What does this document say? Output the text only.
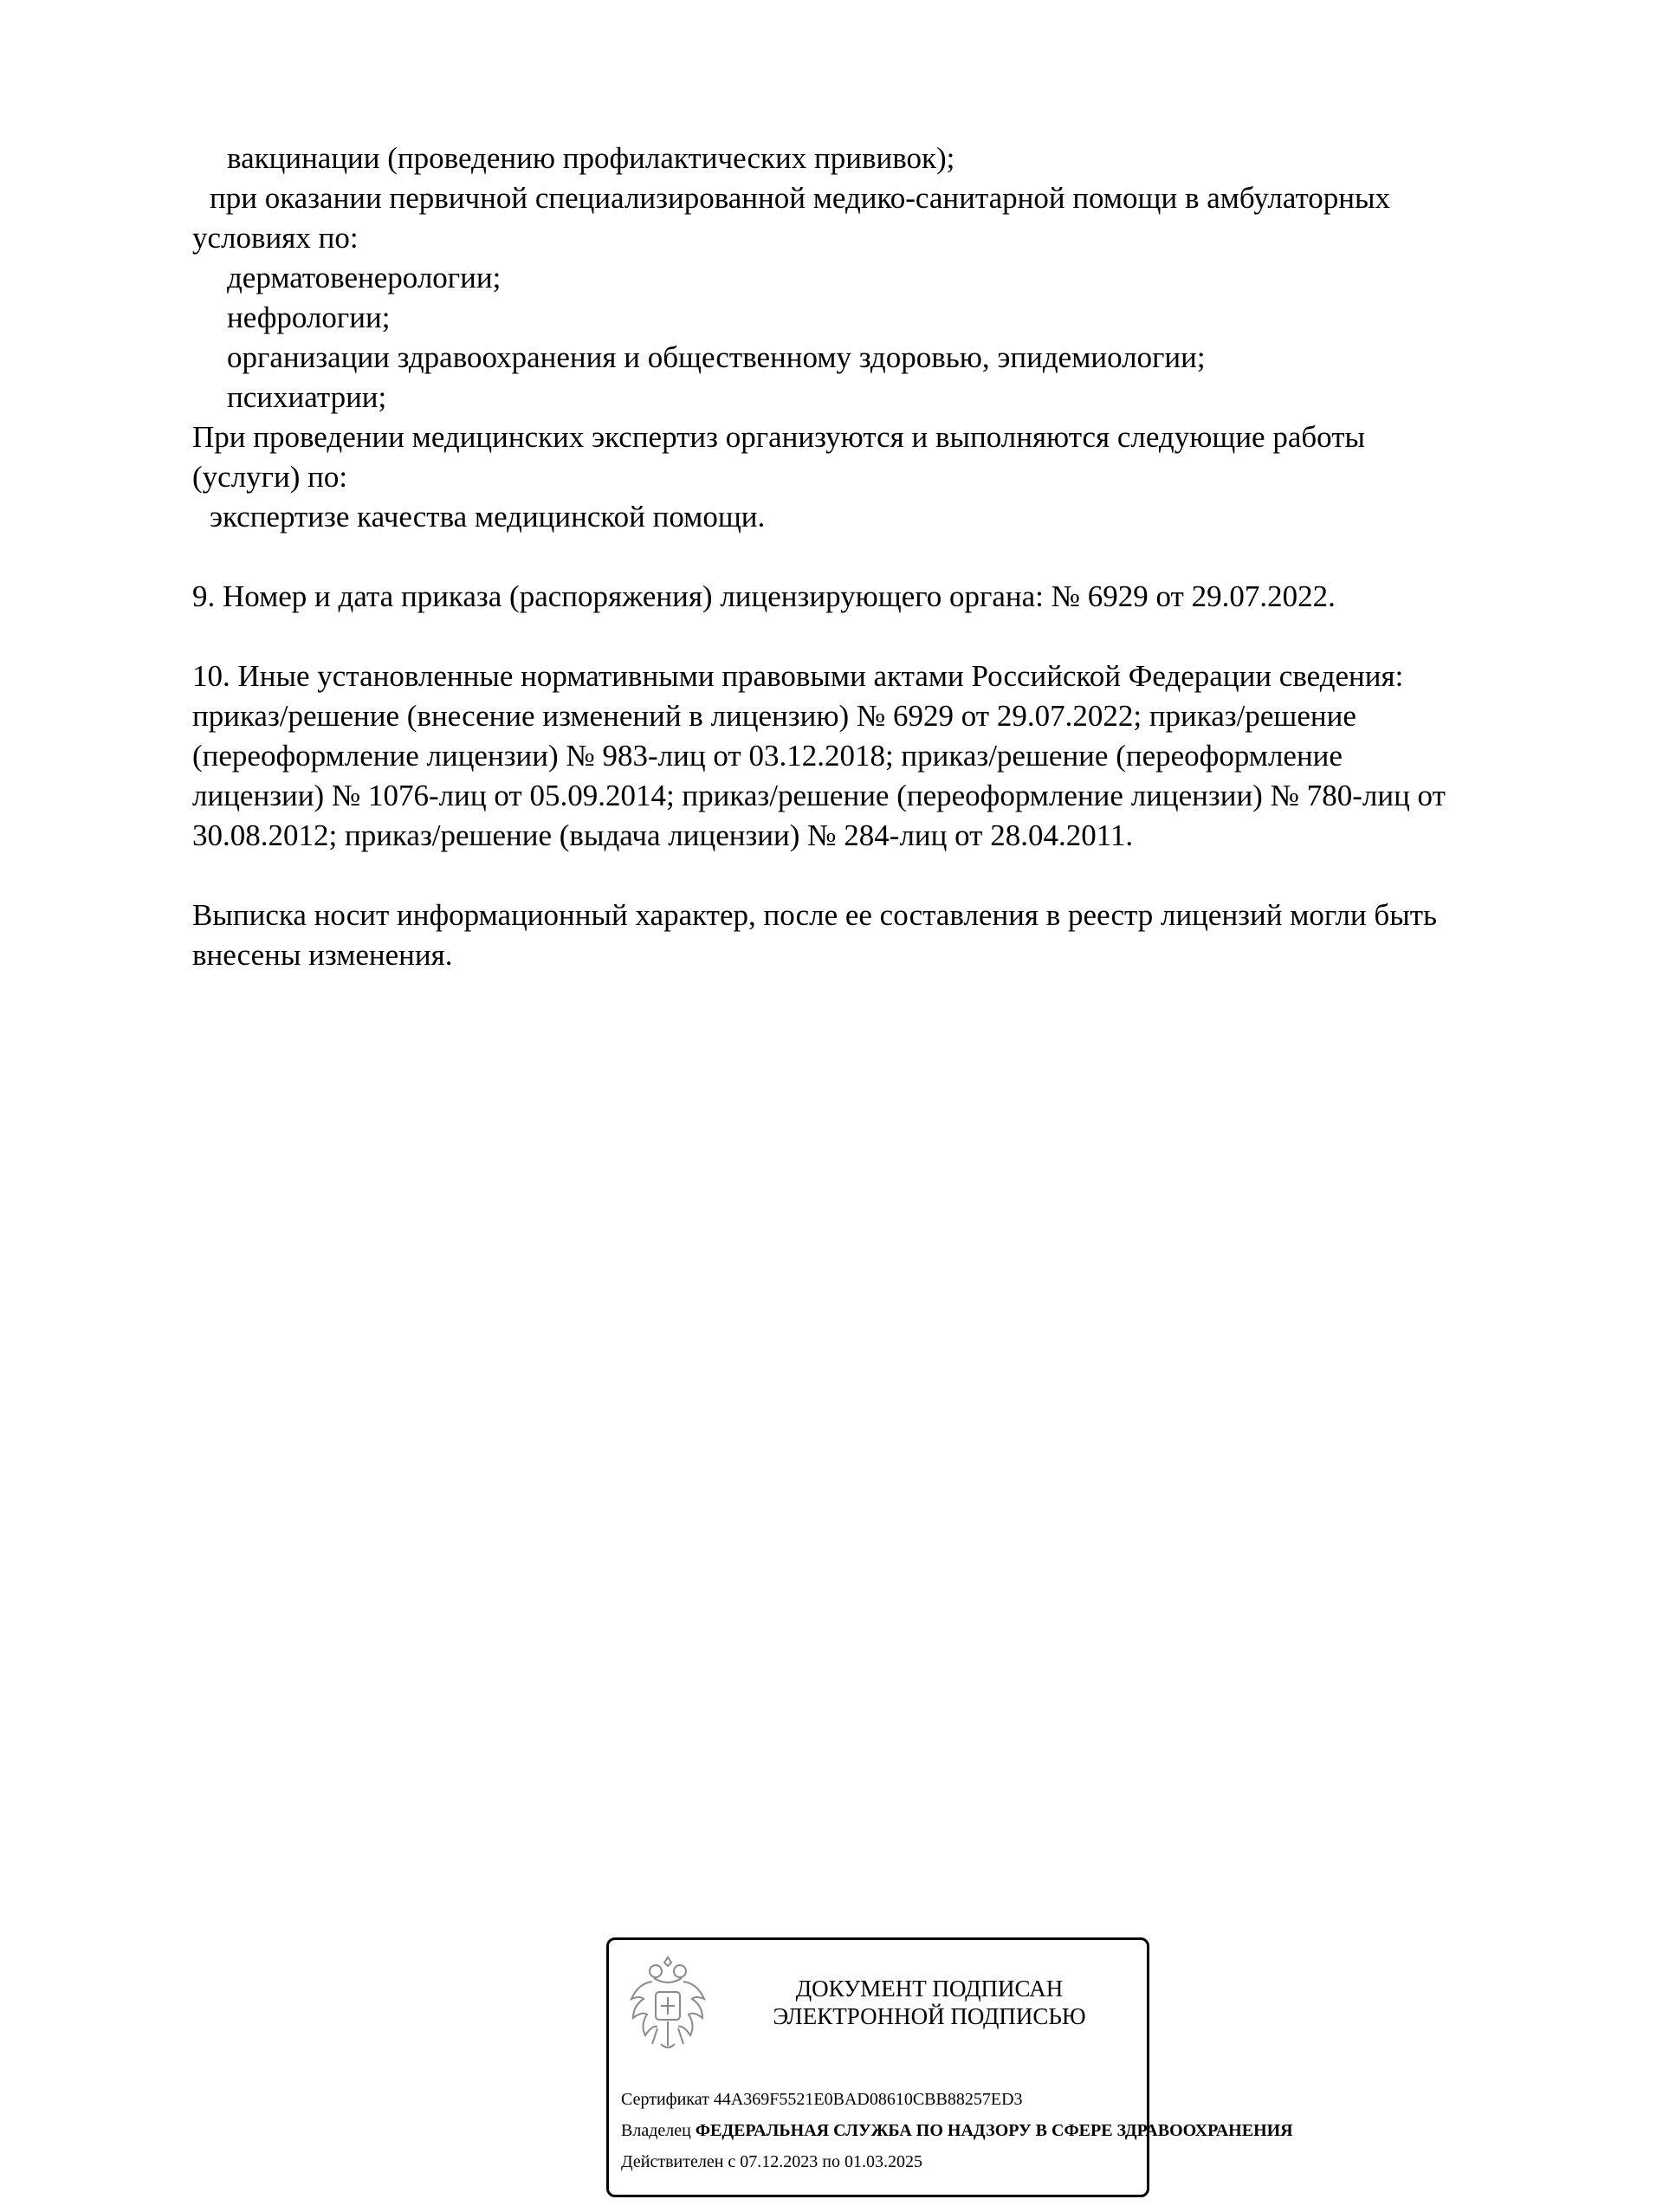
вакцинации (проведению профилактических прививок);
при оказании первичной специализированной медико-санитарной помощи в амбулаторных
условиях по:
дерматовенерологии;
нефрологии;
организации здравоохранения и общественному здоровью, эпидемиологии;
психиатрии;
При проведении медицинских экспертиз организуются и выполняются следующие работы
(услуги) по:
экспертизе качества медицинской помощи.
9. Номер и дата приказа (распоряжения) лицензирующего органа: № 6929 от 29.07.2022.
10. Иные установленные нормативными правовыми актами Российской Федерации сведения:
приказ/решение (внесение изменений в лицензию) № 6929 от 29.07.2022; приказ/решение
(переоформление лицензии) № 983-лиц от 03.12.2018; приказ/решение (переоформление
лицензии) № 1076-лиц от 05.09.2014; приказ/решение (переоформление лицензии) № 780-лиц от
30.08.2012; приказ/решение (выдача лицензии) № 284-лиц от 28.04.2011.
Выписка носит информационный характер, после ее составления в реестр лицензий могли быть
внесены изменения.
ДОКУМЕНТ ПОДПИСАН
ЭЛЕКТРОННОЙ ПОДПИСЬЮ
Сертификат 44A369F5521E0BAD08610CBB88257ED3
Владелец ФЕДЕРАЛЬНАЯ СЛУЖБА ПО НАДЗОРУ В СФЕРЕ ЗДРАВООХРАНЕНИЯ
Действителен с 07.12.2023 по 01.03.2025
